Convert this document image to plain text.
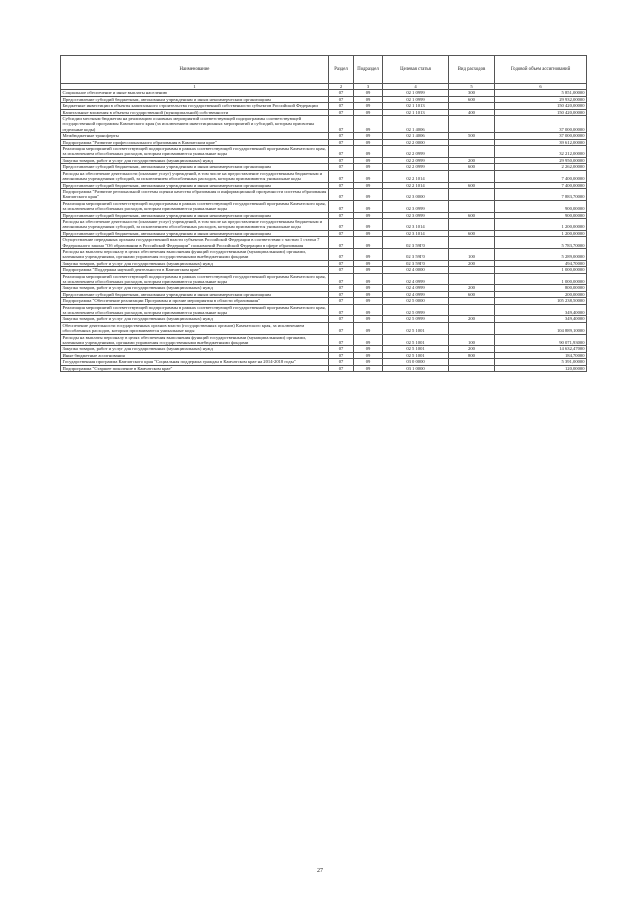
Наименование	Раздел	Подраздел	Целевая статья	Вид расходов	Годовой объем ассигнований
1	2	3	4	5	6
Социальное обеспечение и иные выплаты населению	07	09	02 1 0999	300	5 851,00000
Предоставление субсидий бюджетным, автономным учреждениям и иным некоммерческим организациям	07	09	02 1 0999	600	29 932,00000
Бюджетные инвестиции в объекты капитального строительства государственной собственности субъектов Российской Федерации	07	09	02 1 1013		150 420,00000
Капитальные вложения в объекты государственной (муниципальной) собственности	07	09	02 1 1013	400	150 420,00000
Субсидии местным бюджетам на реализацию основных мероприятий соответствующей подпрограммы соответствующей государственной программы Камчатского края (за исключением инвестиционных мероприятий и субсидий, которым присвоены отдельные коды)	07	09	02 1 4006		37 000,00000
Межбюджетные трансферты	07	09	02 1 4006	500	37 000,00000
Подпрограмма "Развитие профессионального образования в Камчатском крае"	07	09	02 2 0000		39 612,00000
Реализация мероприятий соответствующей подпрограммы в рамках соответствующей государственной программы Камчатского края, за исключением обособленных расходов, которым присваиваются уникальные коды	07	09	02 2 0999		32 212,00000
Закупка товаров, работ и услуг для государственных (муниципальных) нужд	07	09	02 2 0999	200	29 950,00000
Предоставление субсидий бюджетным, автономным учреждениям и иным некоммерческим организациям	07	09	02 2 0999	600	2 262,00000
Расходы на обеспечение деятельности (оказание услуг) учреждений, в том числе на предоставление государственным бюджетным и автономным учреждениям субсидий, за исключением обособленных расходов, которым присваиваются уникальные коды	07	09	02 2 1014		7 400,00000
Предоставление субсидий бюджетным, автономным учреждениям и иным некоммерческим организациям	07	09	02 2 1014	600	7 400,00000
Подпрограмма "Развитие региональной системы оценки качества образования и информационной прозрачности системы образования Камчатского края"	07	09	02 3 0000		7 883,70000
Реализация мероприятий соответствующей подпрограммы в рамках соответствующей государственной программы Камчатского края, за исключением обособленных расходов, которым присваиваются уникальные коды	07	09	02 3 0999		900,00000
Предоставление субсидий бюджетным, автономным учреждениям и иным некоммерческим организациям	07	09	02 3 0999	600	900,00000
Расходы на обеспечение деятельности (оказание услуг) учреждений, в том числе на предоставление государственным бюджетным и автономным учреждениям субсидий, за исключением обособленных расходов, которым присваиваются уникальные коды	07	09	02 3 1014		1 200,00000
Предоставление субсидий бюджетным, автономным учреждениям и иным некоммерческим организациям	07	09	02 3 1014	600	1 200,00000
Осуществление переданных органам государственной власти субъектов Российской Федерации в соответствии с частью 1 статьи 7 Федерального закона "Об образовании в Российской Федерации" полномочий Российской Федерации в сфере образования	07	09	02 3 59Г0		5 783,70000
Расходы на выплаты персоналу в целях обеспечения выполнения функций государственными (муниципальными) органами, казенными учреждениями, органами управления государственными внебюджетными фондами	07	09	02 3 59Г0	100	5 289,00000
Закупка товаров, работ и услуг для государственных (муниципальных) нужд	07	09	02 3 59Г0	200	494,70000
Подпрограмма "Поддержка научной деятельности в Камчатском крае"	07	09	02 4 0000		1 000,00000
Реализация мероприятий соответствующей подпрограммы в рамках соответствующей государственной программы Камчатского края, за исключением обособленных расходов, которым присваиваются уникальные коды	07	09	02 4 0999		1 000,00000
Закупка товаров, работ и услуг для государственных (муниципальных) нужд	07	09	02 4 0999	200	800,00000
Предоставление субсидий бюджетным, автономным учреждениям и иным некоммерческим организациям	07	09	02 4 0999	600	200,00000
Подпрограмма "Обеспечение реализации Программы и прочие мероприятия в области образования"	07	09	02 5 0000		105 238,50000
Реализация мероприятий соответствующей подпрограммы в рамках соответствующей государственной программы Камчатского края, за исключением обособленных расходов, которым присваиваются уникальные коды	07	09	02 5 0999		349,40000
Закупка товаров, работ и услуг для государственных (муниципальных) нужд	07	09	02 5 0999	200	349,40000
Обеспечение деятельности государственных органов власти (государственных органов) Камчатского края, за исключением обособленных расходов, которым присваиваются уникальные коды	07	09	02 5 1001		104 889,10000
Расходы на выплаты персоналу в целях обеспечения выполнения функций государственными (муниципальными) органами, казенными учреждениями, органами управления государственными внебюджетными фондами	07	09	02 5 1001	100	90 071,93000
Закупка товаров, работ и услуг для государственных (муниципальных) нужд	07	09	02 5 1001	200	14 632,47000
Иные бюджетные ассигнования	07	09	02 5 1001	800	184,70000
Государственная программа Камчатского края "Социальная поддержка граждан в Камчатском крае на 2014-2018 годы"	07	09	03 0 0000		5 391,00000
Подпрограмма "Старшее поколение в Камчатском крае"	07	09	03 1 0000		120,00000
27
